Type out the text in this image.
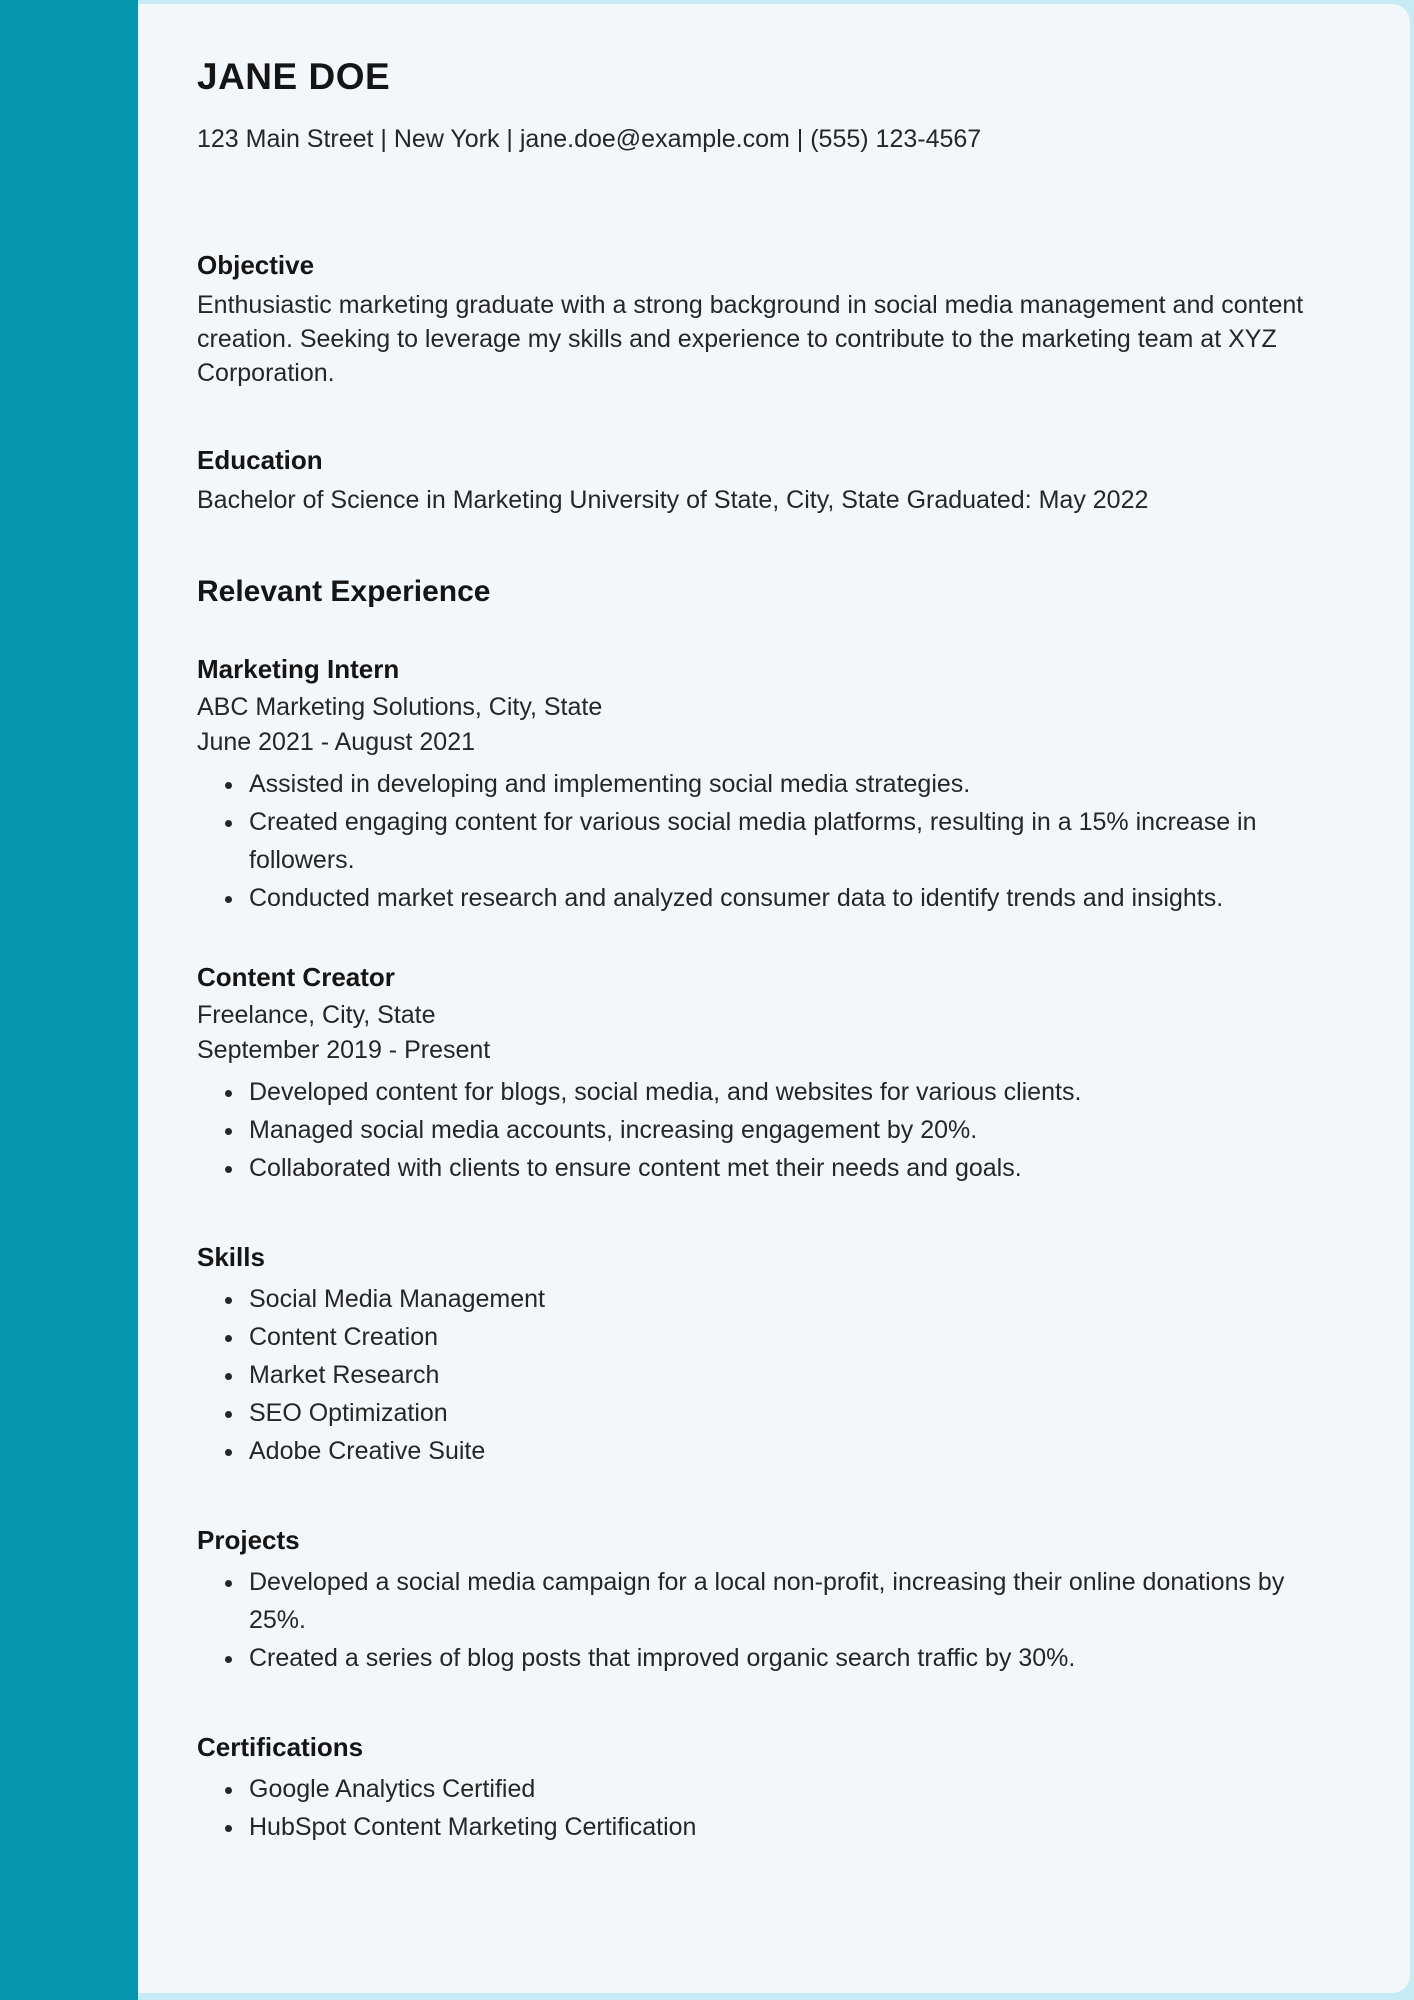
JANE DOE

123 Main Street | New York | jane.doe@example.com | (555) 123-4567

Objective

Enthusiastic marketing graduate with a strong background in social media management and content creation. Seeking to leverage my skills and experience to contribute to the marketing team at XYZ Corporation.

Education

Bachelor of Science in Marketing University of State, City, State Graduated: May 2022

Relevant Experience
Marketing Intern

ABC Marketing Solutions, City, State

June 2021 - August 2021

• Assisted in developing and implementing social media strategies.
• Created engaging content for various social media platforms, resulting in a 15% increase in followers.
• Conducted market research and analyzed consumer data to identify trends and insights.
Content Creator

Freelance, City, State

September 2019 - Present

• Developed content for blogs, social media, and websites for various clients.
• Managed social media accounts, increasing engagement by 20%.
• Collaborated with clients to ensure content met their needs and goals.
Skills
• Social Media Management
• Content Creation
• Market Research
• SEO Optimization
• Adobe Creative Suite
Projects
• Developed a social media campaign for a local non-profit, increasing their online donations by 25%.
• Created a series of blog posts that improved organic search traffic by 30%.
Certifications
• Google Analytics Certified
• HubSpot Content Marketing Certification
